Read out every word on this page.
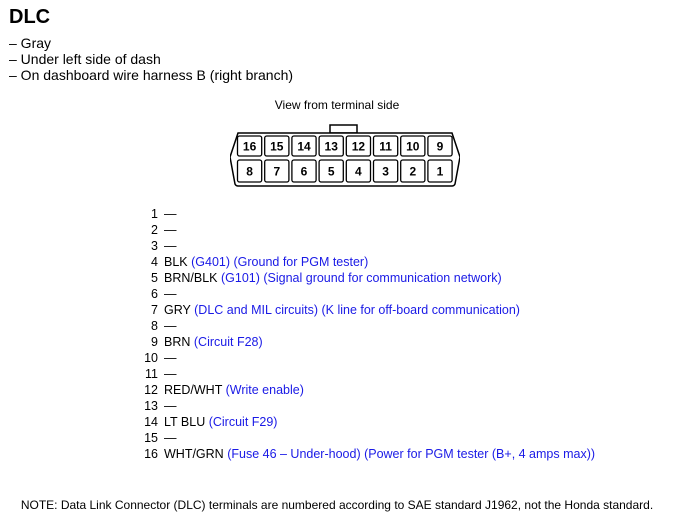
DLC
– Gray
– Under left side of dash
– On dashboard wire harness B (right branch)
View from terminal side
16 15 14 13 12 11 10 9
8 7 6 5 4 3 2 1
1 —
2 —
3 —
4 BLK (G401) (Ground for PGM tester)
5 BRN/BLK (G101) (Signal ground for communication network)
6 —
7 GRY (DLC and MIL circuits) (K line for off-board communication)
8 —
9 BRN (Circuit F28)
10 —
11 —
12 RED/WHT (Write enable)
13 —
14 LT BLU (Circuit F29)
15 —
16 WHT/GRN (Fuse 46 – Under-hood) (Power for PGM tester (B+, 4 amps max))
NOTE: Data Link Connector (DLC) terminals are numbered according to SAE standard J1962, not the Honda standard.
